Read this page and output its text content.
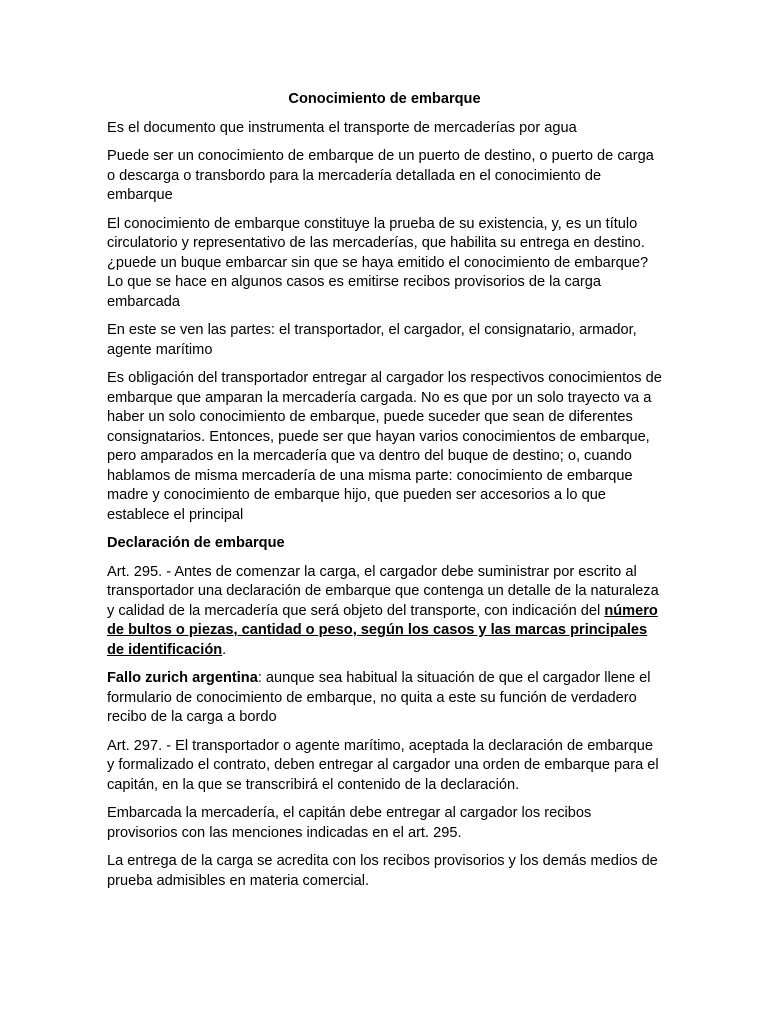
Conocimiento de embarque

Es el documento que instrumenta el transporte de mercaderías por agua

Puede ser un conocimiento de embarque de un puerto de destino, o puerto de carga o descarga o transbordo para la mercadería detallada en el conocimiento de embarque

El conocimiento de embarque constituye la prueba de su existencia, y, es un título circulatorio y representativo de las mercaderías, que habilita su entrega en destino. ¿puede un buque embarcar sin que se haya emitido el conocimiento de embarque? Lo que se hace en algunos casos es emitirse recibos provisorios de la carga embarcada

En este se ven las partes: el transportador, el cargador, el consignatario, armador, agente marítimo

Es obligación del transportador entregar al cargador los respectivos conocimientos de embarque que amparan la mercadería cargada. No es que por un solo trayecto va a haber un solo conocimiento de embarque, puede suceder que sean de diferentes consignatarios. Entonces, puede ser que hayan varios conocimientos de embarque, pero amparados en la mercadería que va dentro del buque de destino; o, cuando hablamos de misma mercadería de una misma parte: conocimiento de embarque madre y conocimiento de embarque hijo, que pueden ser accesorios a lo que establece el principal

Declaración de embarque

Art. 295. - Antes de comenzar la carga, el cargador debe suministrar por escrito al transportador una declaración de embarque que contenga un detalle de la naturaleza y calidad de la mercadería que será objeto del transporte, con indicación del número de bultos o piezas, cantidad o peso, según los casos y las marcas principales de identificación.

Fallo zurich argentina: aunque sea habitual la situación de que el cargador llene el formulario de conocimiento de embarque, no quita a este su función de verdadero recibo de la carga a bordo

Art. 297. - El transportador o agente marítimo, aceptada la declaración de embarque y formalizado el contrato, deben entregar al cargador una orden de embarque para el capitán, en la que se transcribirá el contenido de la declaración.

Embarcada la mercadería, el capitán debe entregar al cargador los recibos provisorios con las menciones indicadas en el art. 295.

La entrega de la carga se acredita con los recibos provisorios y los demás medios de prueba admisibles en materia comercial.
